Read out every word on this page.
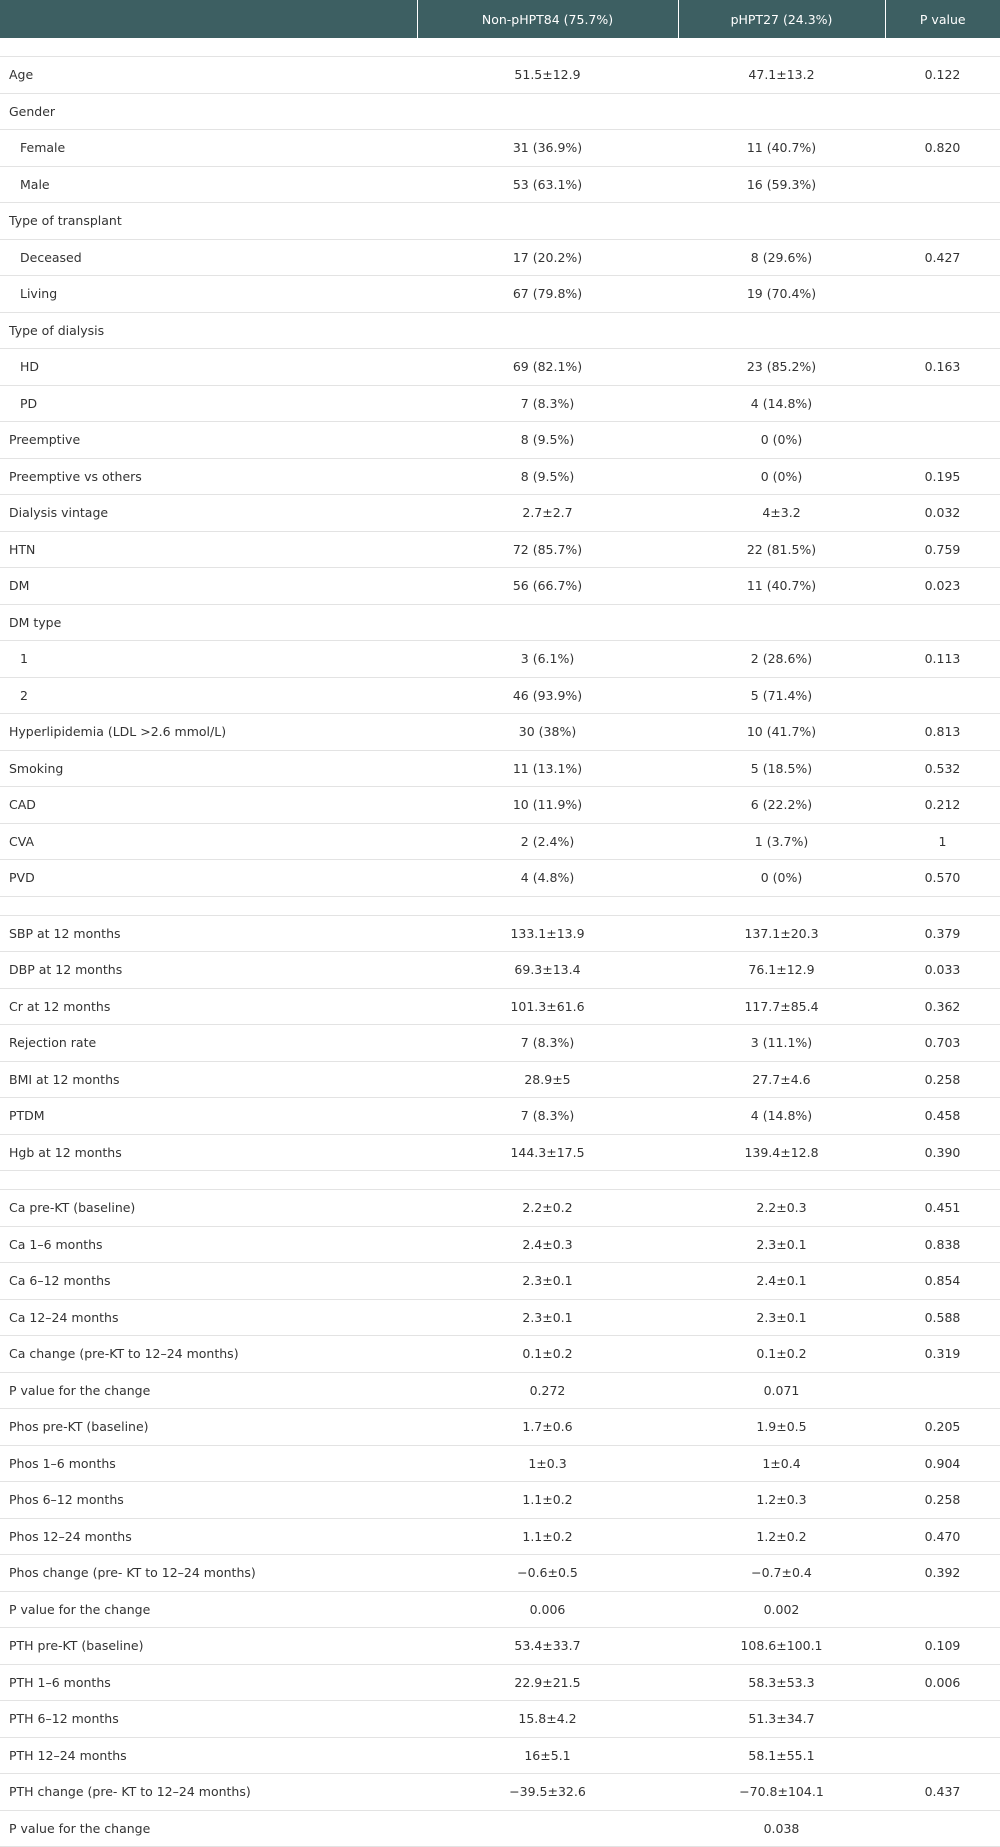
	Non-pHPT84 (75.7%)	pHPT27 (24.3%)	P value

Age	51.5±12.9	47.1±13.2	0.122
Gender			
Female	31 (36.9%)	11 (40.7%)	0.820
Male	53 (63.1%)	16 (59.3%)	
Type of transplant			
Deceased	17 (20.2%)	8 (29.6%)	0.427
Living	67 (79.8%)	19 (70.4%)	
Type of dialysis			
HD	69 (82.1%)	23 (85.2%)	0.163
PD	7 (8.3%)	4 (14.8%)	
Preemptive	8 (9.5%)	0 (0%)	
Preemptive vs others	8 (9.5%)	0 (0%)	0.195
Dialysis vintage	2.7±2.7	4±3.2	0.032
HTN	72 (85.7%)	22 (81.5%)	0.759
DM	56 (66.7%)	11 (40.7%)	0.023
DM type			
1	3 (6.1%)	2 (28.6%)	0.113
2	46 (93.9%)	5 (71.4%)	
Hyperlipidemia (LDL >2.6 mmol/L)	30 (38%)	10 (41.7%)	0.813
Smoking	11 (13.1%)	5 (18.5%)	0.532
CAD	10 (11.9%)	6 (22.2%)	0.212
CVA	2 (2.4%)	1 (3.7%)	1
PVD	4 (4.8%)	0 (0%)	0.570

SBP at 12 months	133.1±13.9	137.1±20.3	0.379
DBP at 12 months	69.3±13.4	76.1±12.9	0.033
Cr at 12 months	101.3±61.6	117.7±85.4	0.362
Rejection rate	7 (8.3%)	3 (11.1%)	0.703
BMI at 12 months	28.9±5	27.7±4.6	0.258
PTDM	7 (8.3%)	4 (14.8%)	0.458
Hgb at 12 months	144.3±17.5	139.4±12.8	0.390

Ca pre-KT (baseline)	2.2±0.2	2.2±0.3	0.451
Ca 1–6 months	2.4±0.3	2.3±0.1	0.838
Ca 6–12 months	2.3±0.1	2.4±0.1	0.854
Ca 12–24 months	2.3±0.1	2.3±0.1	0.588
Ca change (pre-KT to 12–24 months)	0.1±0.2	0.1±0.2	0.319
P value for the change	0.272	0.071	
Phos pre-KT (baseline)	1.7±0.6	1.9±0.5	0.205
Phos 1–6 months	1±0.3	1±0.4	0.904
Phos 6–12 months	1.1±0.2	1.2±0.3	0.258
Phos 12–24 months	1.1±0.2	1.2±0.2	0.470
Phos change (pre- KT to 12–24 months)	−0.6±0.5	−0.7±0.4	0.392
P value for the change	0.006	0.002	
PTH pre-KT (baseline)	53.4±33.7	108.6±100.1	0.109
PTH 1–6 months	22.9±21.5	58.3±53.3	0.006
PTH 6–12 months	15.8±4.2	51.3±34.7	
PTH 12–24 months	16±5.1	58.1±55.1	
PTH change (pre- KT to 12–24 months)	−39.5±32.6	−70.8±104.1	0.437
P value for the change		0.038	
